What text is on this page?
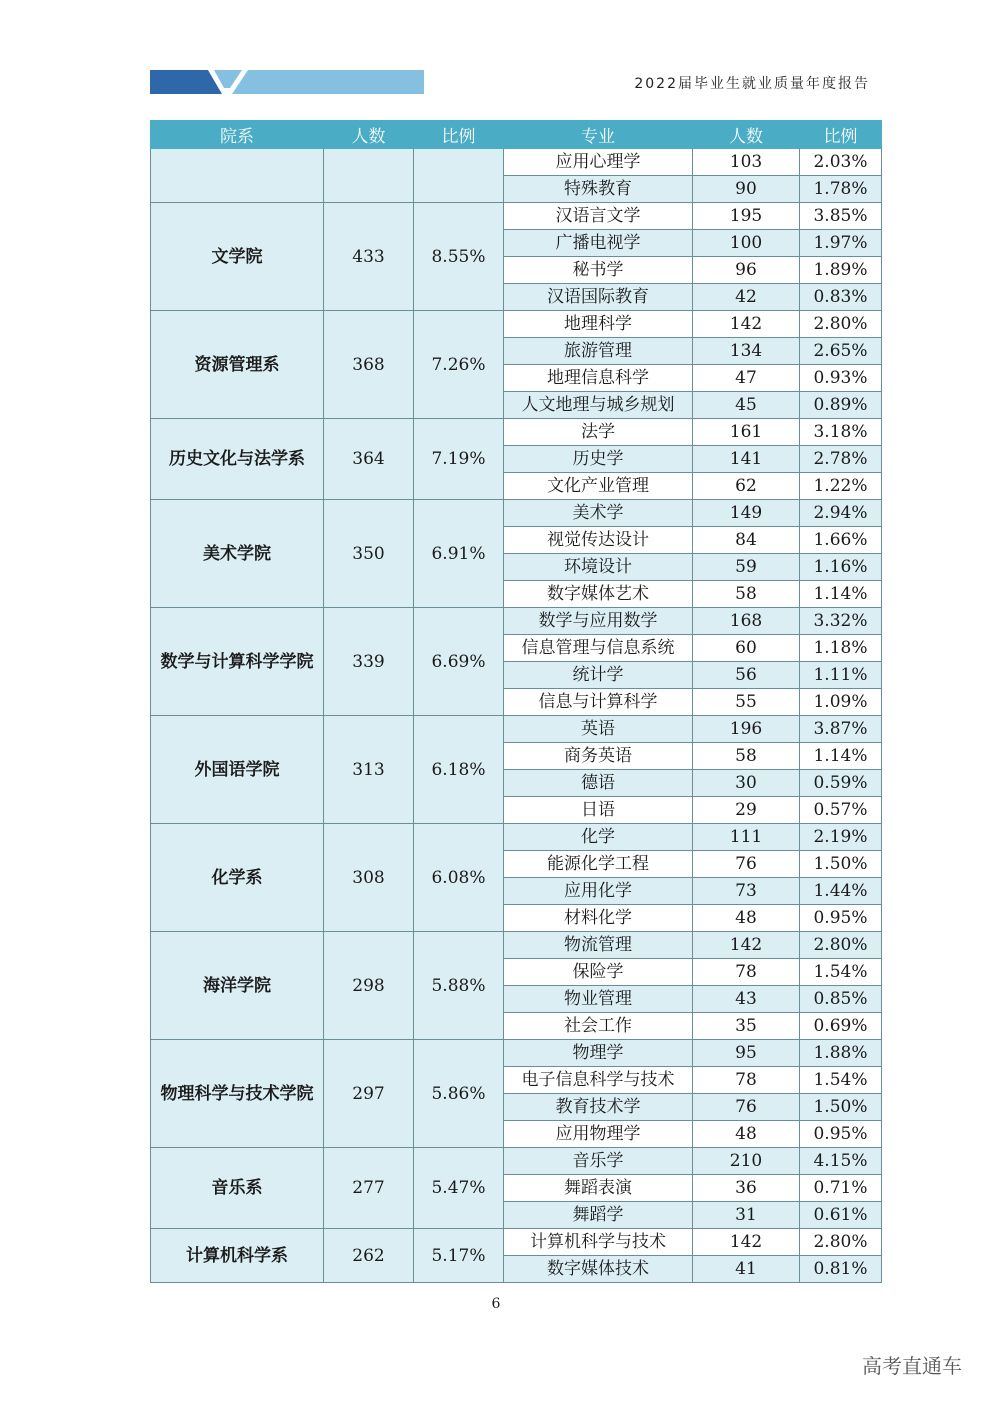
2022届毕业生就业质量年度报告
院系	人数	比例	专业	人数	比例
			应用心理学	103	2.03%
			特殊教育	90	1.78%
文学院	433	8.55%	汉语言文学	195	3.85%
			广播电视学	100	1.97%
			秘书学	96	1.89%
			汉语国际教育	42	0.83%
资源管理系	368	7.26%	地理科学	142	2.80%
			旅游管理	134	2.65%
			地理信息科学	47	0.93%
			人文地理与城乡规划	45	0.89%
历史文化与法学系	364	7.19%	法学	161	3.18%
			历史学	141	2.78%
			文化产业管理	62	1.22%
美术学院	350	6.91%	美术学	149	2.94%
			视觉传达设计	84	1.66%
			环境设计	59	1.16%
			数字媒体艺术	58	1.14%
数学与计算科学学院	339	6.69%	数学与应用数学	168	3.32%
			信息管理与信息系统	60	1.18%
			统计学	56	1.11%
			信息与计算科学	55	1.09%
外国语学院	313	6.18%	英语	196	3.87%
			商务英语	58	1.14%
			德语	30	0.59%
			日语	29	0.57%
化学系	308	6.08%	化学	111	2.19%
			能源化学工程	76	1.50%
			应用化学	73	1.44%
			材料化学	48	0.95%
海洋学院	298	5.88%	物流管理	142	2.80%
			保险学	78	1.54%
			物业管理	43	0.85%
			社会工作	35	0.69%
物理科学与技术学院	297	5.86%	物理学	95	1.88%
			电子信息科学与技术	78	1.54%
			教育技术学	76	1.50%
			应用物理学	48	0.95%
音乐系	277	5.47%	音乐学	210	4.15%
			舞蹈表演	36	0.71%
			舞蹈学	31	0.61%
计算机科学系	262	5.17%	计算机科学与技术	142	2.80%
			数字媒体技术	41	0.81%
6
高考直通车
